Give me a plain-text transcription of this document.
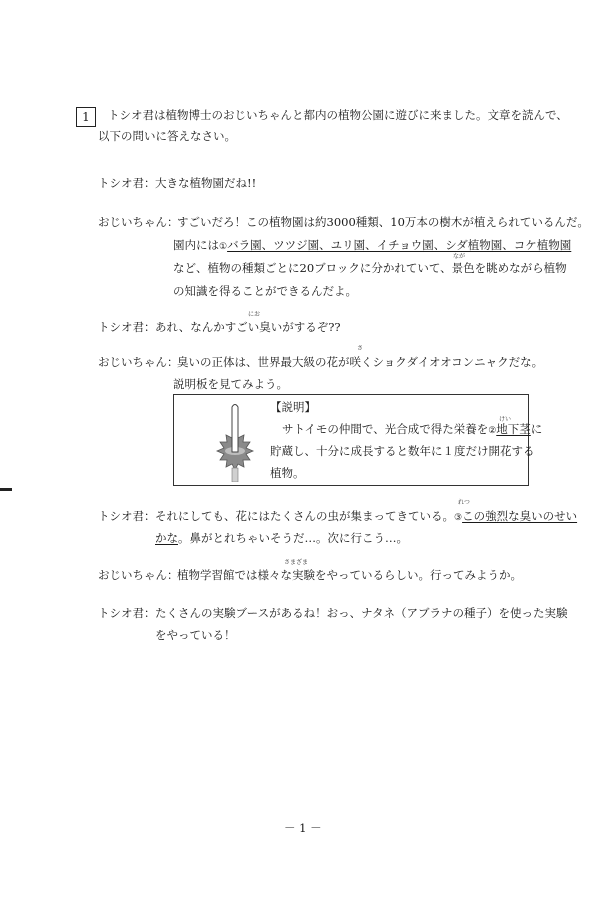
1	トシオ君は植物博士のおじいちゃんと都内の植物公園に遊びに来ました。文章を読んで、
以下の問いに答えなさい。
トシオ君： 大きな植物園だね!!
おじいちゃん：
すごいだろ！この植物園は約3000種類、10万本の樹木が植えられているんだ。
園内には①バラ園、ツツジ園、ユリ園、イチョウ園、シダ植物園、コケ植物園
なが
など、植物の種類ごとに20ブロックに分かれていて、景色を眺めながら植物
の知識を得ることができるんだよ。
トシオ君：
にお
あれ、なんかすごい臭いがするぞ??
おじいちゃん：
さ
臭いの正体は、世界最大級の花が咲くショクダイオオコンニャクだな。
説明板を見てみよう。
【説明】
けい
サトイモの仲間で、光合成で得た栄養を②地下茎に
貯蔵し、十分に成長すると数年に１度だけ開花する
植物。
トシオ君：
れつ
それにしても、花にはたくさんの虫が集まってきている。③この強烈な臭いのせい
かな。鼻がとれちゃいそうだ…。次に行こう…。
おじいちゃん：
さまざま
植物学習館では様々な実験をやっているらしい。行ってみようか。
トシオ君： たくさんの実験ブースがあるね！おっ、ナタネ（アブラナの種子）を使った実験
をやっている！
－ 1 －
